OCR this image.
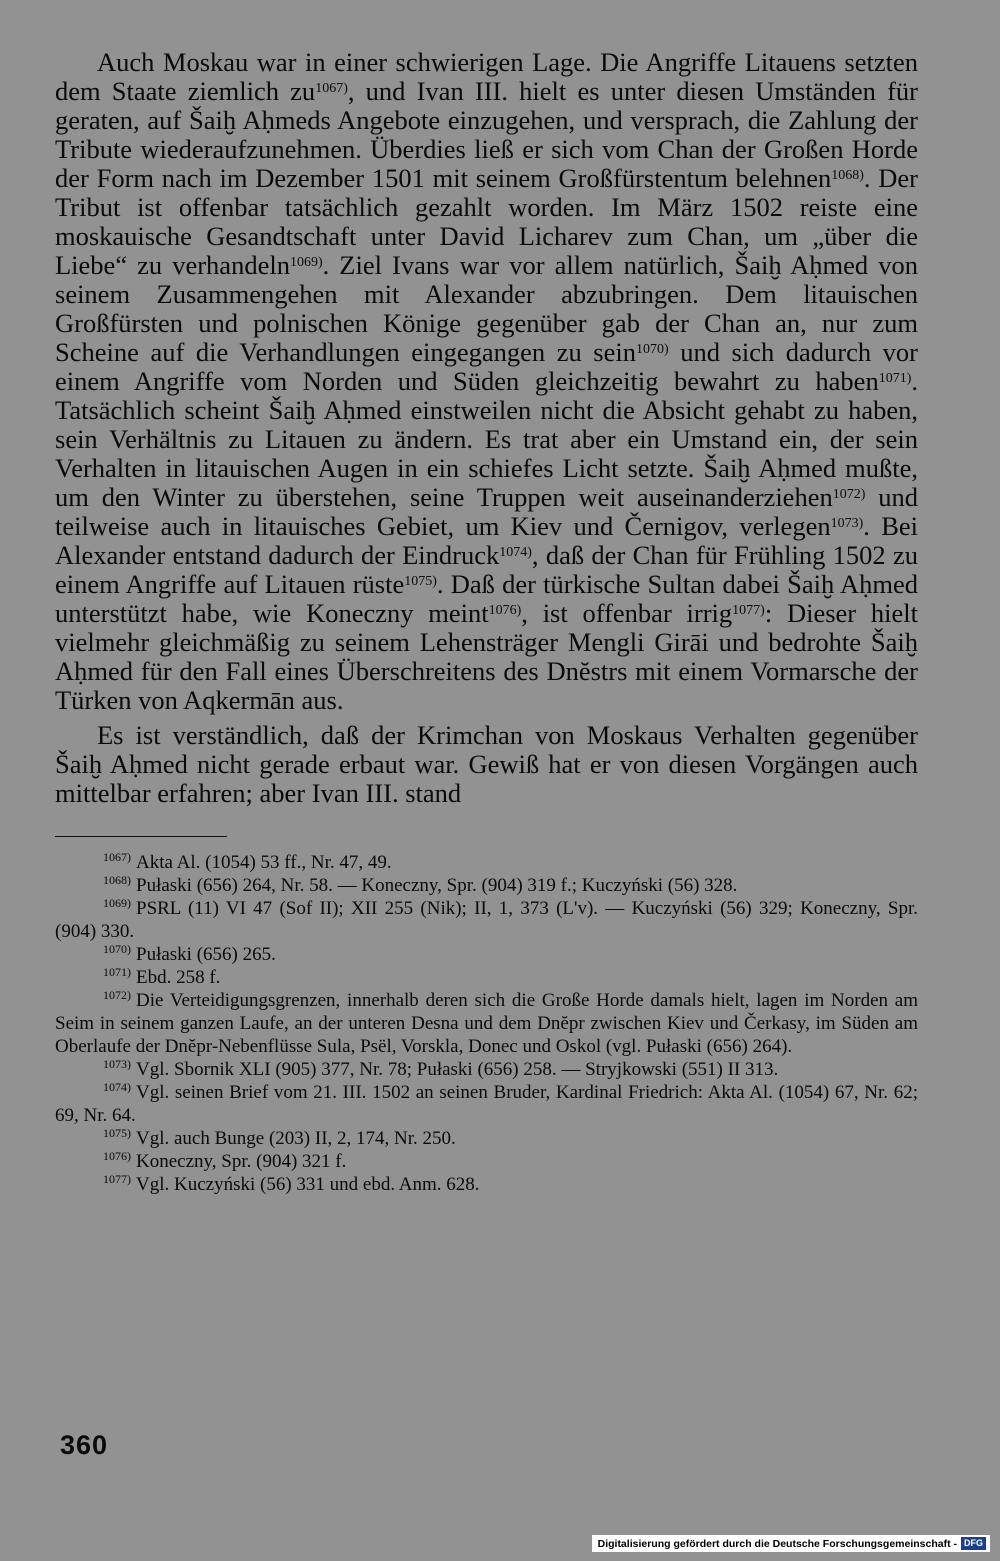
Auch Moskau war in einer schwierigen Lage. Die Angriffe Litauens setzten dem Staate ziemlich zu$^{1067)}$, und Ivan III. hielt es unter diesen Umständen für geraten, auf Šaiḫ Aḥmeds Angebote einzugehen, und versprach, die Zahlung der Tribute wiederaufzunehmen. Überdies ließ er sich vom Chan der Großen Horde der Form nach im Dezember 1501 mit seinem Großfürstentum belehnen$^{1068)}$. Der Tribut ist offenbar tatsächlich gezahlt worden. Im März 1502 reiste eine moskauische Gesandtschaft unter David Licharev zum Chan, um „über die Liebe“ zu verhandeln$^{1069)}$. Ziel Ivans war vor allem natürlich, Šaiḫ Aḥmed von seinem Zusammengehen mit Alexander abzubringen. Dem litauischen Großfürsten und polnischen Könige gegenüber gab der Chan an, nur zum Scheine auf die Verhandlungen eingegangen zu sein$^{1070)}$ und sich dadurch vor einem Angriffe vom Norden und Süden gleichzeitig bewahrt zu haben$^{1071)}$. Tatsächlich scheint Šaiḫ Aḥmed einstweilen nicht die Absicht gehabt zu haben, sein Verhältnis zu Litauen zu ändern. Es trat aber ein Umstand ein, der sein Verhalten in litauischen Augen in ein schiefes Licht setzte. Šaiḫ Aḥmed mußte, um den Winter zu überstehen, seine Truppen weit auseinanderziehen$^{1072)}$ und teilweise auch in litauisches Gebiet, um Kiev und Černigov, verlegen$^{1073)}$. Bei Alexander entstand dadurch der Eindruck$^{1074)}$, daß der Chan für Frühling 1502 zu einem Angriffe auf Litauen rüste$^{1075)}$. Daß der türkische Sultan dabei Šaiḫ Aḥmed unterstützt habe, wie Koneczny meint$^{1076)}$, ist offenbar irrig$^{1077)}$: Dieser hielt vielmehr gleichmäßig zu seinem Lehensträger Mengli Girāi und bedrohte Šaiḫ Aḥmed für den Fall eines Überschreitens des Dnĕstrs mit einem Vormarsche der Türken von Aqkermān aus.

Es ist verständlich, daß der Krimchan von Moskaus Verhalten gegenüber Šaiḫ Aḥmed nicht gerade erbaut war. Gewiß hat er von diesen Vorgängen auch mittelbar erfahren; aber Ivan III. stand

$^{1067)}$ Akta Al. (1054) 53 ff., Nr. 47, 49.

$^{1068)}$ Pułaski (656) 264, Nr. 58. — Koneczny, Spr. (904) 319 f.; Kuczyński (56) 328.

$^{1069)}$ PSRL (11) VI 47 (Sof II); XII 255 (Nik); II, 1, 373 (L'v). — Kuczyński (56) 329; Koneczny, Spr. (904) 330.

$^{1070)}$ Pułaski (656) 265.

$^{1071)}$ Ebd. 258 f.

$^{1072)}$ Die Verteidigungsgrenzen, innerhalb deren sich die Große Horde damals hielt, lagen im Norden am Seim in seinem ganzen Laufe, an der unteren Desna und dem Dnĕpr zwischen Kiev und Čerkasy, im Süden am Oberlaufe der Dnĕpr-Nebenflüsse Sula, Psël, Vorskla, Donec und Oskol (vgl. Pułaski (656) 264).

$^{1073)}$ Vgl. Sbornik XLI (905) 377, Nr. 78; Pułaski (656) 258. — Stryjkowski (551) II 313.

$^{1074)}$ Vgl. seinen Brief vom 21. III. 1502 an seinen Bruder, Kardinal Friedrich: Akta Al. (1054) 67, Nr. 62; 69, Nr. 64.

$^{1075)}$ Vgl. auch Bunge (203) II, 2, 174, Nr. 250.

$^{1076)}$ Koneczny, Spr. (904) 321 f.

$^{1077)}$ Vgl. Kuczyński (56) 331 und ebd. Anm. 628.

360
Digitalisierung gefördert durch die Deutsche Forschungsgemeinschaft - DFG
